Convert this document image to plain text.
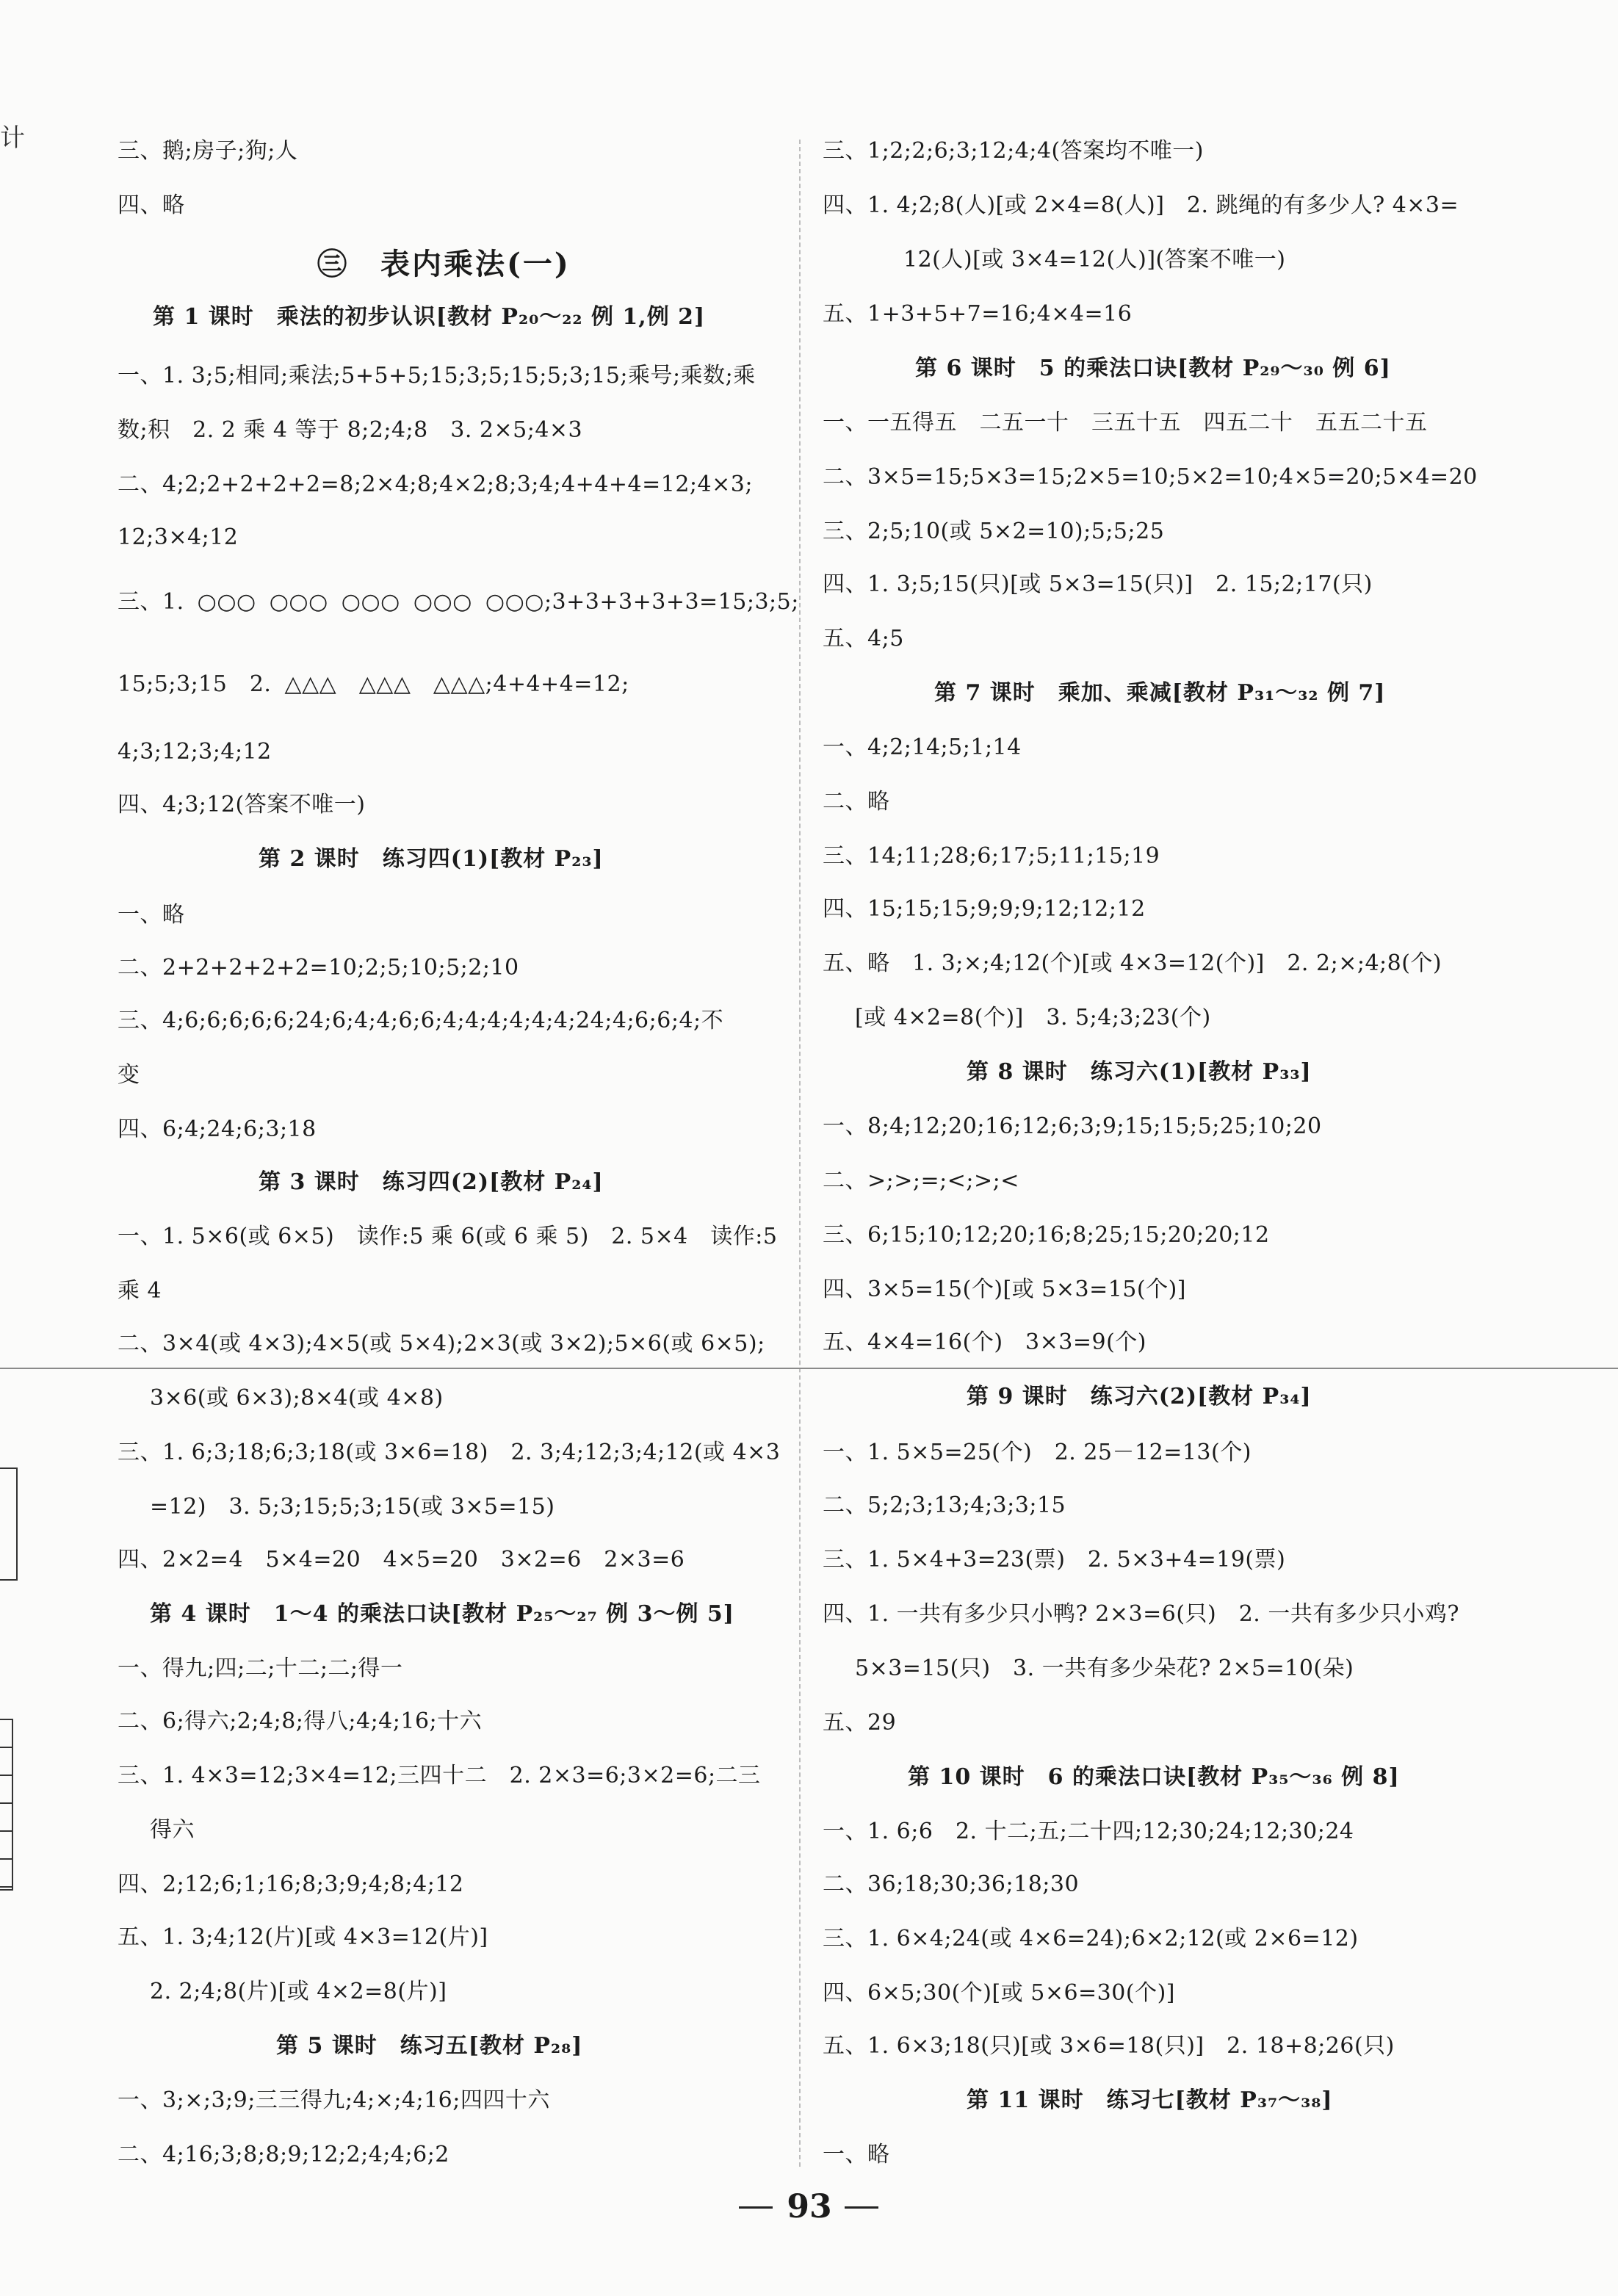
计	三、鹅;房子;狗;人
四、略
㊂　表内乘法(一)
第 1 课时　乘法的初步认识[教材 P₂₀～₂₂ 例 1,例 2]
一、1. 3;5;相同;乘法;5+5+5;15;3;5;15;5;3;15;乘号;乘数;乘
数;积　2. 2 乘 4 等于 8;2;4;8　3. 2×5;4×3
二、4;2;2+2+2+2=8;2×4;8;4×2;8;3;4;4+4+4=12;4×3;
12;3×4;12
三、1. ○○○ ○○○ ○○○ ○○○ ○○○;3+3+3+3+3=15;3;5;
15;5;3;15　2. △△△　△△△　△△△;4+4+4=12;
4;3;12;3;4;12
四、4;3;12(答案不唯一)
第 2 课时　练习四(1)[教材 P₂₃]
一、略
二、2+2+2+2+2=10;2;5;10;5;2;10
三、4;6;6;6;6;6;24;6;4;4;6;6;4;4;4;4;4;4;24;4;6;6;4;不
变
四、6;4;24;6;3;18
第 3 课时　练习四(2)[教材 P₂₄]
一、1. 5×6(或 6×5)　读作:5 乘 6(或 6 乘 5)　2. 5×4　读作:5
乘 4
二、3×4(或 4×3);4×5(或 5×4);2×3(或 3×2);5×6(或 6×5);
3×6(或 6×3);8×4(或 4×8)
三、1. 6;3;18;6;3;18(或 3×6=18)　2. 3;4;12;3;4;12(或 4×3
=12)　3. 5;3;15;5;3;15(或 3×5=15)
四、2×2=4　5×4=20　4×5=20　3×2=6　2×3=6
第 4 课时　1～4 的乘法口诀[教材 P₂₅～₂₇ 例 3～例 5]
一、得九;四;二;十二;二;得一
二、6;得六;2;4;8;得八;4;4;16;十六
三、1. 4×3=12;3×4=12;三四十二　2. 2×3=6;3×2=6;二三
得六
四、2;12;6;1;16;8;3;9;4;8;4;12
五、1. 3;4;12(片)[或 4×3=12(片)]
2. 2;4;8(片)[或 4×2=8(片)]
第 5 课时　练习五[教材 P₂₈]
一、3;×;3;9;三三得九;4;×;4;16;四四十六
二、4;16;3;8;8;9;12;2;4;4;6;2
三、1;2;2;6;3;12;4;4(答案均不唯一)
四、1. 4;2;8(人)[或 2×4=8(人)]　2. 跳绳的有多少人? 4×3=
12(人)[或 3×4=12(人)](答案不唯一)
五、1+3+5+7=16;4×4=16
第 6 课时　5 的乘法口诀[教材 P₂₉～₃₀ 例 6]
一、一五得五　二五一十　三五十五　四五二十　五五二十五
二、3×5=15;5×3=15;2×5=10;5×2=10;4×5=20;5×4=20
三、2;5;10(或 5×2=10);5;5;25
四、1. 3;5;15(只)[或 5×3=15(只)]　2. 15;2;17(只)
五、4;5
第 7 课时　乘加、乘减[教材 P₃₁～₃₂ 例 7]
一、4;2;14;5;1;14
二、略
三、14;11;28;6;17;5;11;15;19
四、15;15;15;9;9;9;12;12;12
五、略　1. 3;×;4;12(个)[或 4×3=12(个)]　2. 2;×;4;8(个)
[或 4×2=8(个)]　3. 5;4;3;23(个)
第 8 课时　练习六(1)[教材 P₃₃]
一、8;4;12;20;16;12;6;3;9;15;15;5;25;10;20
二、>;>;=;<;>;<
三、6;15;10;12;20;16;8;25;15;20;20;12
四、3×5=15(个)[或 5×3=15(个)]
五、4×4=16(个)　3×3=9(个)
第 9 课时　练习六(2)[教材 P₃₄]
一、1. 5×5=25(个)　2. 25－12=13(个)
二、5;2;3;13;4;3;3;15
三、1. 5×4+3=23(票)　2. 5×3+4=19(票)
四、1. 一共有多少只小鸭? 2×3=6(只)　2. 一共有多少只小鸡?
5×3=15(只)　3. 一共有多少朵花? 2×5=10(朵)
五、29
第 10 课时　6 的乘法口诀[教材 P₃₅～₃₆ 例 8]
一、1. 6;6　2. 十二;五;二十四;12;30;24;12;30;24
二、36;18;30;36;18;30
三、1. 6×4;24(或 4×6=24);6×2;12(或 2×6=12)
四、6×5;30(个)[或 5×6=30(个)]
五、1. 6×3;18(只)[或 3×6=18(只)]　2. 18+8;26(只)
第 11 课时　练习七[教材 P₃₇～₃₈]
一、略
93
